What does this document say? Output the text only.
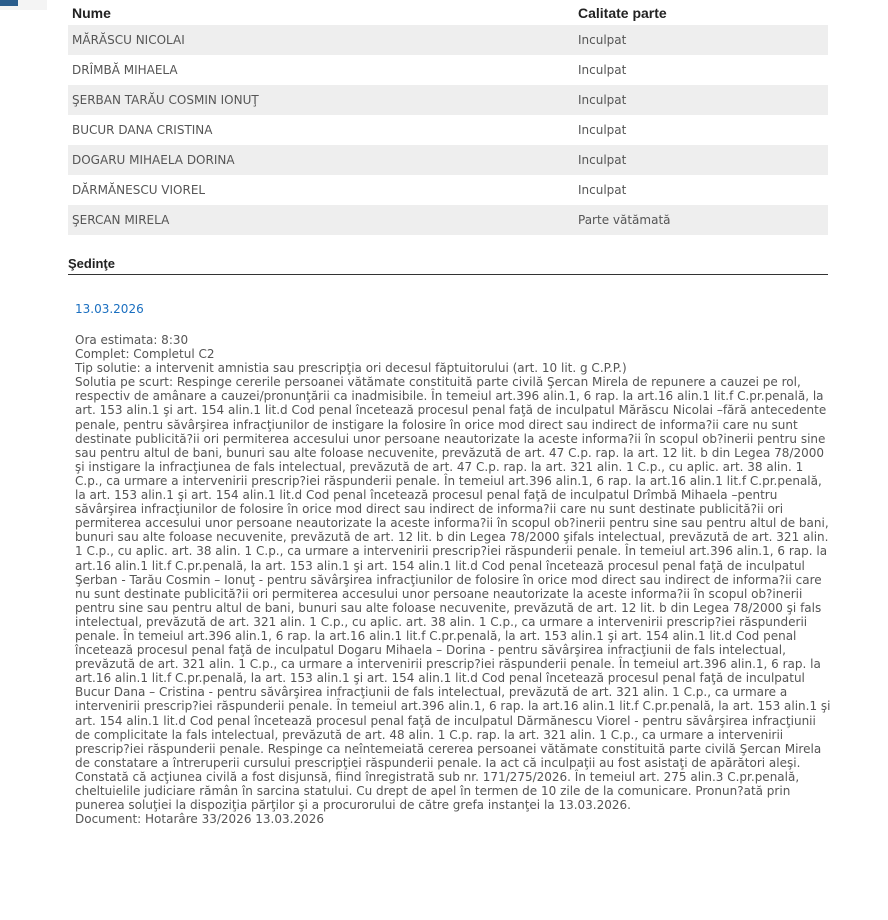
Nume	Calitate parte
MĂRĂSCU NICOLAI	Inculpat
DRÎMBĂ MIHAELA	Inculpat
ŞERBAN TARĂU COSMIN IONUŢ	Inculpat
BUCUR DANA CRISTINA	Inculpat
DOGARU MIHAELA DORINA	Inculpat
DĂRMĂNESCU VIOREL	Inculpat
ŞERCAN MIRELA	Parte vătămată
Şedinţe
13.03.2026
Ora estimata: 8:30
Complet: Completul C2
Tip solutie: a intervenit amnistia sau prescripţia ori decesul făptuitorului (art. 10 lit. g C.P.P.)
Solutia pe scurt: Respinge cererile persoanei vătămate constituită parte civilă Şercan Mirela de repunere a cauzei pe rol, respectiv de amânare a cauzei/pronunţării ca inadmisibile. În temeiul art.396 alin.1, 6 rap. la art.16 alin.1 lit.f C.pr.penală, la art. 153 alin.1 şi art. 154 alin.1 lit.d Cod penal încetează procesul penal faţă de inculpatul Mărăscu Nicolai –fără antecedente penale, pentru săvârşirea infracţiunilor de instigare la folosire în orice mod direct sau indirect de informa?ii care nu sunt destinate publicită?ii ori permiterea accesului unor persoane neautorizate la aceste informa?ii în scopul ob?inerii pentru sine sau pentru altul de bani, bunuri sau alte foloase necuvenite, prevăzută de art. 47 C.p. rap. la art. 12 lit. b din Legea 78/2000 şi instigare la infracţiunea de fals intelectual, prevăzută de art. 47 C.p. rap. la art. 321 alin. 1 C.p., cu aplic. art. 38 alin. 1 C.p., ca urmare a intervenirii prescrip?iei răspunderii penale. În temeiul art.396 alin.1, 6 rap. la art.16 alin.1 lit.f C.pr.penală, la art. 153 alin.1 şi art. 154 alin.1 lit.d Cod penal încetează procesul penal faţă de inculpatul Drîmbă Mihaela –pentru săvârşirea infracţiunilor de folosire în orice mod direct sau indirect de informa?ii care nu sunt destinate publicită?ii ori permiterea accesului unor persoane neautorizate la aceste informa?ii în scopul ob?inerii pentru sine sau pentru altul de bani, bunuri sau alte foloase necuvenite, prevăzută de art. 12 lit. b din Legea 78/2000 şifals intelectual, prevăzută de art. 321 alin. 1 C.p., cu aplic. art. 38 alin. 1 C.p., ca urmare a intervenirii prescrip?iei răspunderii penale. În temeiul art.396 alin.1, 6 rap. la art.16 alin.1 lit.f C.pr.penală, la art. 153 alin.1 şi art. 154 alin.1 lit.d Cod penal încetează procesul penal faţă de inculpatul Şerban - Tarău Cosmin – Ionuţ - pentru săvârşirea infracţiunilor de folosire în orice mod direct sau indirect de informa?ii care nu sunt destinate publicită?ii ori permiterea accesului unor persoane neautorizate la aceste informa?ii în scopul ob?inerii pentru sine sau pentru altul de bani, bunuri sau alte foloase necuvenite, prevăzută de art. 12 lit. b din Legea 78/2000 şi fals intelectual, prevăzută de art. 321 alin. 1 C.p., cu aplic. art. 38 alin. 1 C.p., ca urmare a intervenirii prescrip?iei răspunderii penale. În temeiul art.396 alin.1, 6 rap. la art.16 alin.1 lit.f C.pr.penală, la art. 153 alin.1 şi art. 154 alin.1 lit.d Cod penal încetează procesul penal faţă de inculpatul Dogaru Mihaela – Dorina - pentru săvârşirea infracţiunii de fals intelectual, prevăzută de art. 321 alin. 1 C.p., ca urmare a intervenirii prescrip?iei răspunderii penale. În temeiul art.396 alin.1, 6 rap. la art.16 alin.1 lit.f C.pr.penală, la art. 153 alin.1 şi art. 154 alin.1 lit.d Cod penal încetează procesul penal faţă de inculpatul Bucur Dana – Cristina - pentru săvârşirea infracţiunii de fals intelectual, prevăzută de art. 321 alin. 1 C.p., ca urmare a intervenirii prescrip?iei răspunderii penale. În temeiul art.396 alin.1, 6 rap. la art.16 alin.1 lit.f C.pr.penală, la art. 153 alin.1 şi art. 154 alin.1 lit.d Cod penal încetează procesul penal faţă de inculpatul Dărmănescu Viorel - pentru săvârşirea infracţiunii de complicitate la fals intelectual, prevăzută de art. 48 alin. 1 C.p. rap. la art. 321 alin. 1 C.p., ca urmare a intervenirii prescrip?iei răspunderii penale. Respinge ca neîntemeiată cererea persoanei vătămate constituită parte civilă Şercan Mirela de constatare a întreruperii cursului prescripţiei răspunderii penale. Ia act că inculpaţii au fost asistaţi de apărători aleşi. Constată că acţiunea civilă a fost disjunsă, fiind înregistrată sub nr. 171/275/2026. În temeiul art. 275 alin.3 C.pr.penală, cheltuielile judiciare rămân în sarcina statului. Cu drept de apel în termen de 10 zile de la comunicare. Pronun?ată prin punerea soluţiei la dispoziţia părţilor şi a procurorului de către grefa instanţei la 13.03.2026.
Document: Hotarâre 33/2026 13.03.2026
